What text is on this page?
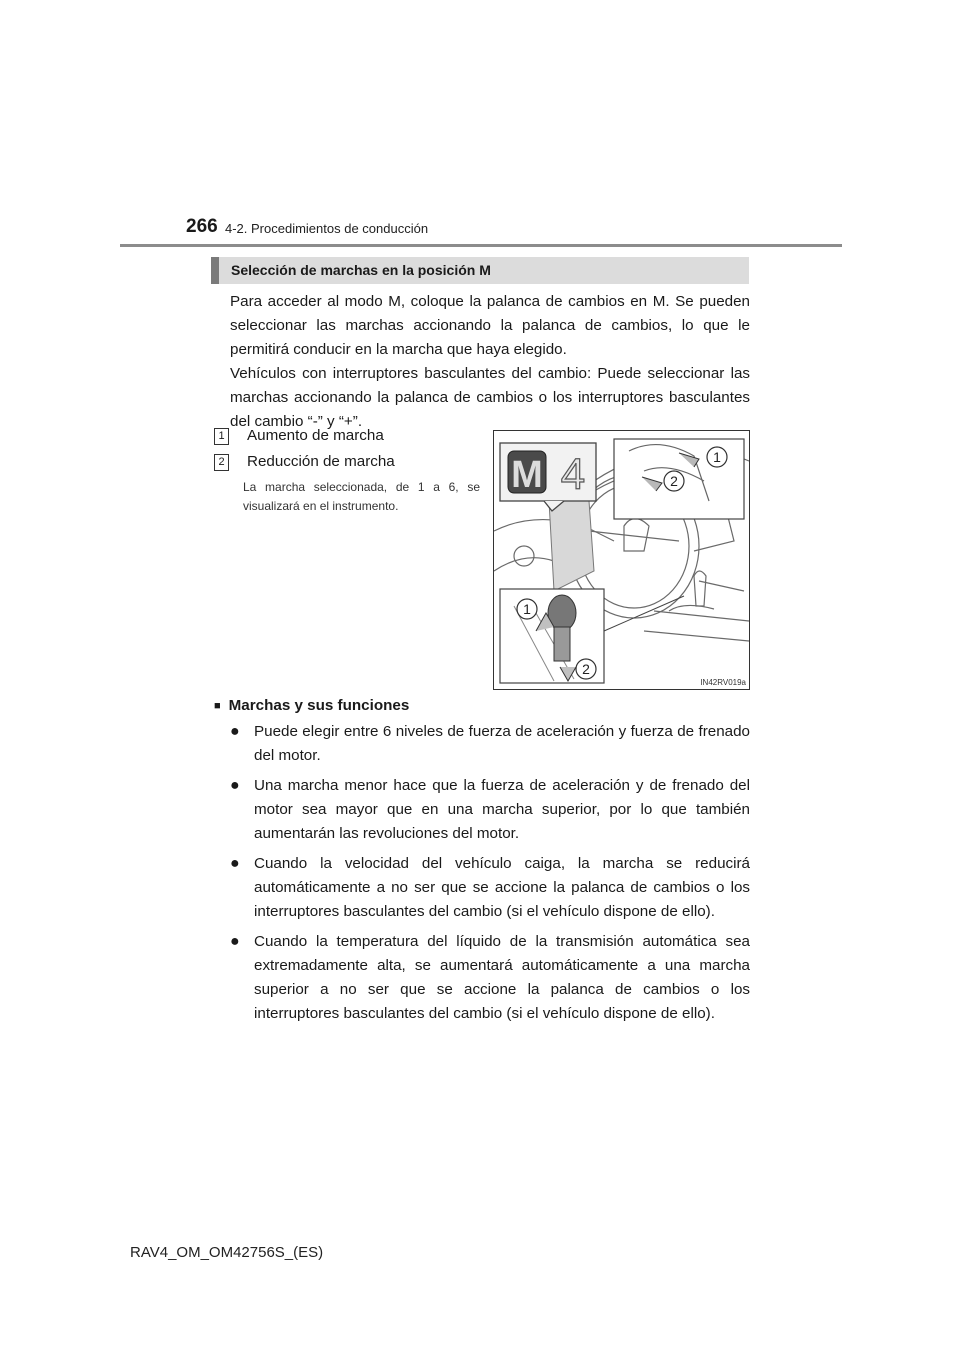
266 4-2. Procedimientos de conducción
Selección de marchas en la posición M

Para acceder al modo M, coloque la palanca de cambios en M. Se pueden seleccionar las marchas accionando la palanca de cambios, lo que le permitirá conducir en la marcha que haya elegido.

Vehículos con interruptores basculantes del cambio: Puede seleccionar las marchas accionando la palanca de cambios o los interruptores basculantes del cambio “-” y “+”.

1 Aumento de marcha
2 Reducción de marcha

La marcha seleccionada, de 1 a 6, se visualizará en el instrumento.

M 4	1
2
1
2
IN42RV019a
■ Marchas y sus funciones
● Puede elegir entre 6 niveles de fuerza de aceleración y fuerza de frenado del motor.
● Una marcha menor hace que la fuerza de aceleración y de frenado del motor sea mayor que en una marcha superior, por lo que también aumentarán las revoluciones del motor.
● Cuando la velocidad del vehículo caiga, la marcha se reducirá automáticamente a no ser que se accione la palanca de cambios o los interruptores basculantes del cambio (si el vehículo dispone de ello).
● Cuando la temperatura del líquido de la transmisión automática sea extremadamente alta, se aumentará automáticamente a una marcha superior a no ser que se accione la palanca de cambios o los interruptores basculantes del cambio (si el vehículo dispone de ello).
RAV4_OM_OM42756S_(ES)
